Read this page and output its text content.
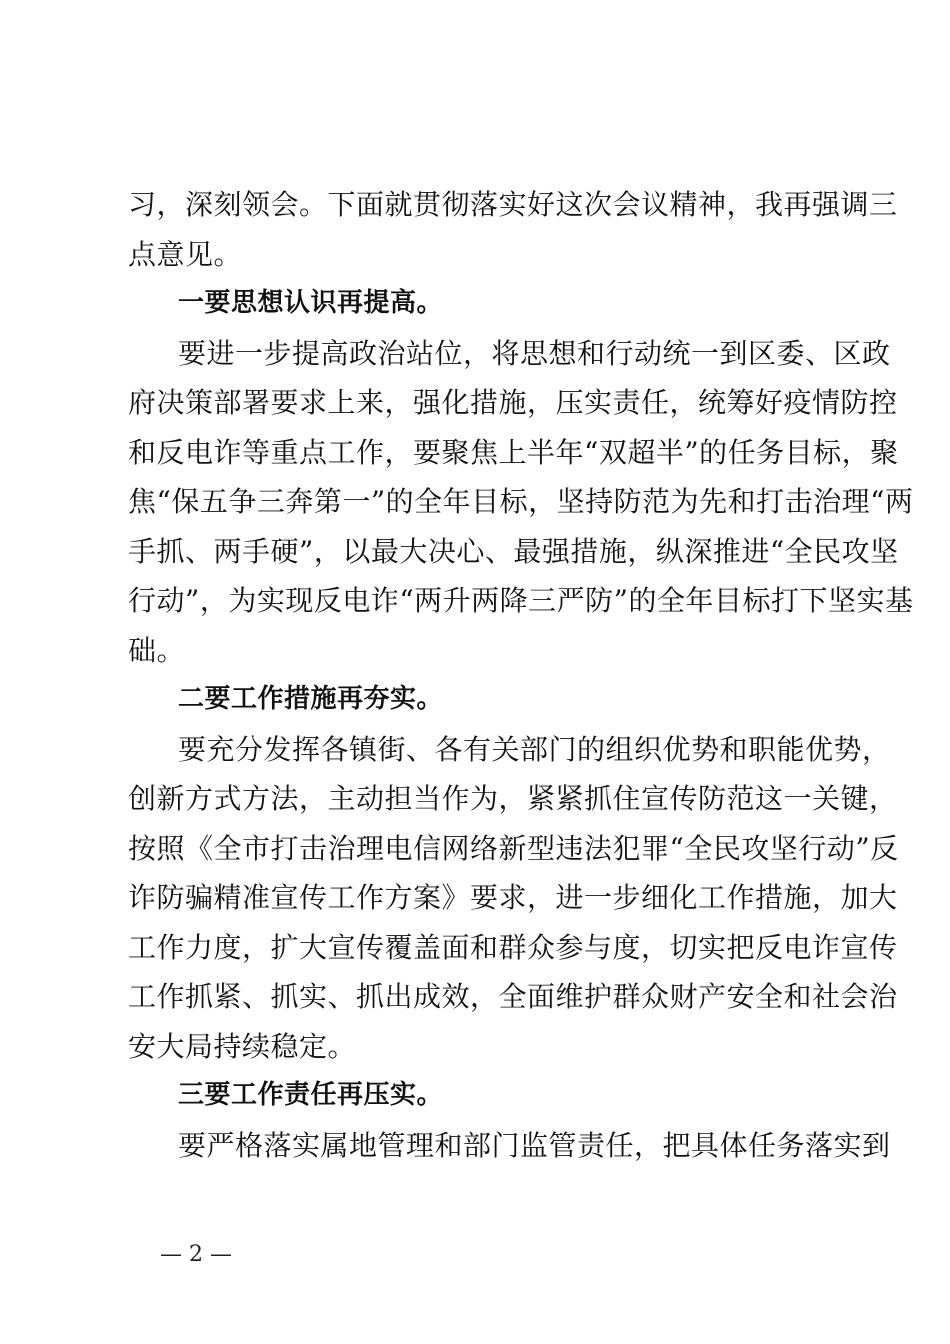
习，深刻领会。下面就贯彻落实好这次会议精神，我再强调三
点意见。
一要思想认识再提高。
要进一步提高政治站位，将思想和行动统一到区委、区政
府决策部署要求上来，强化措施，压实责任，统筹好疫情防控
和反电诈等重点工作，要聚焦上半年“双超半”的任务目标，聚
焦“保五争三奔第一”的全年目标，坚持防范为先和打击治理“两
手抓、两手硬”，以最大决心、最强措施，纵深推进“全民攻坚
行动”，为实现反电诈“两升两降三严防”的全年目标打下坚实基
础。
二要工作措施再夯实。
要充分发挥各镇街、各有关部门的组织优势和职能优势，
创新方式方法，主动担当作为，紧紧抓住宣传防范这一关键，
按照《全市打击治理电信网络新型违法犯罪“全民攻坚行动”反
诈防骗精准宣传工作方案》要求，进一步细化工作措施，加大
工作力度，扩大宣传覆盖面和群众参与度，切实把反电诈宣传
工作抓紧、抓实、抓出成效，全面维护群众财产安全和社会治
安大局持续稳定。
三要工作责任再压实。
要严格落实属地管理和部门监管责任，把具体任务落实到
— 2 —
